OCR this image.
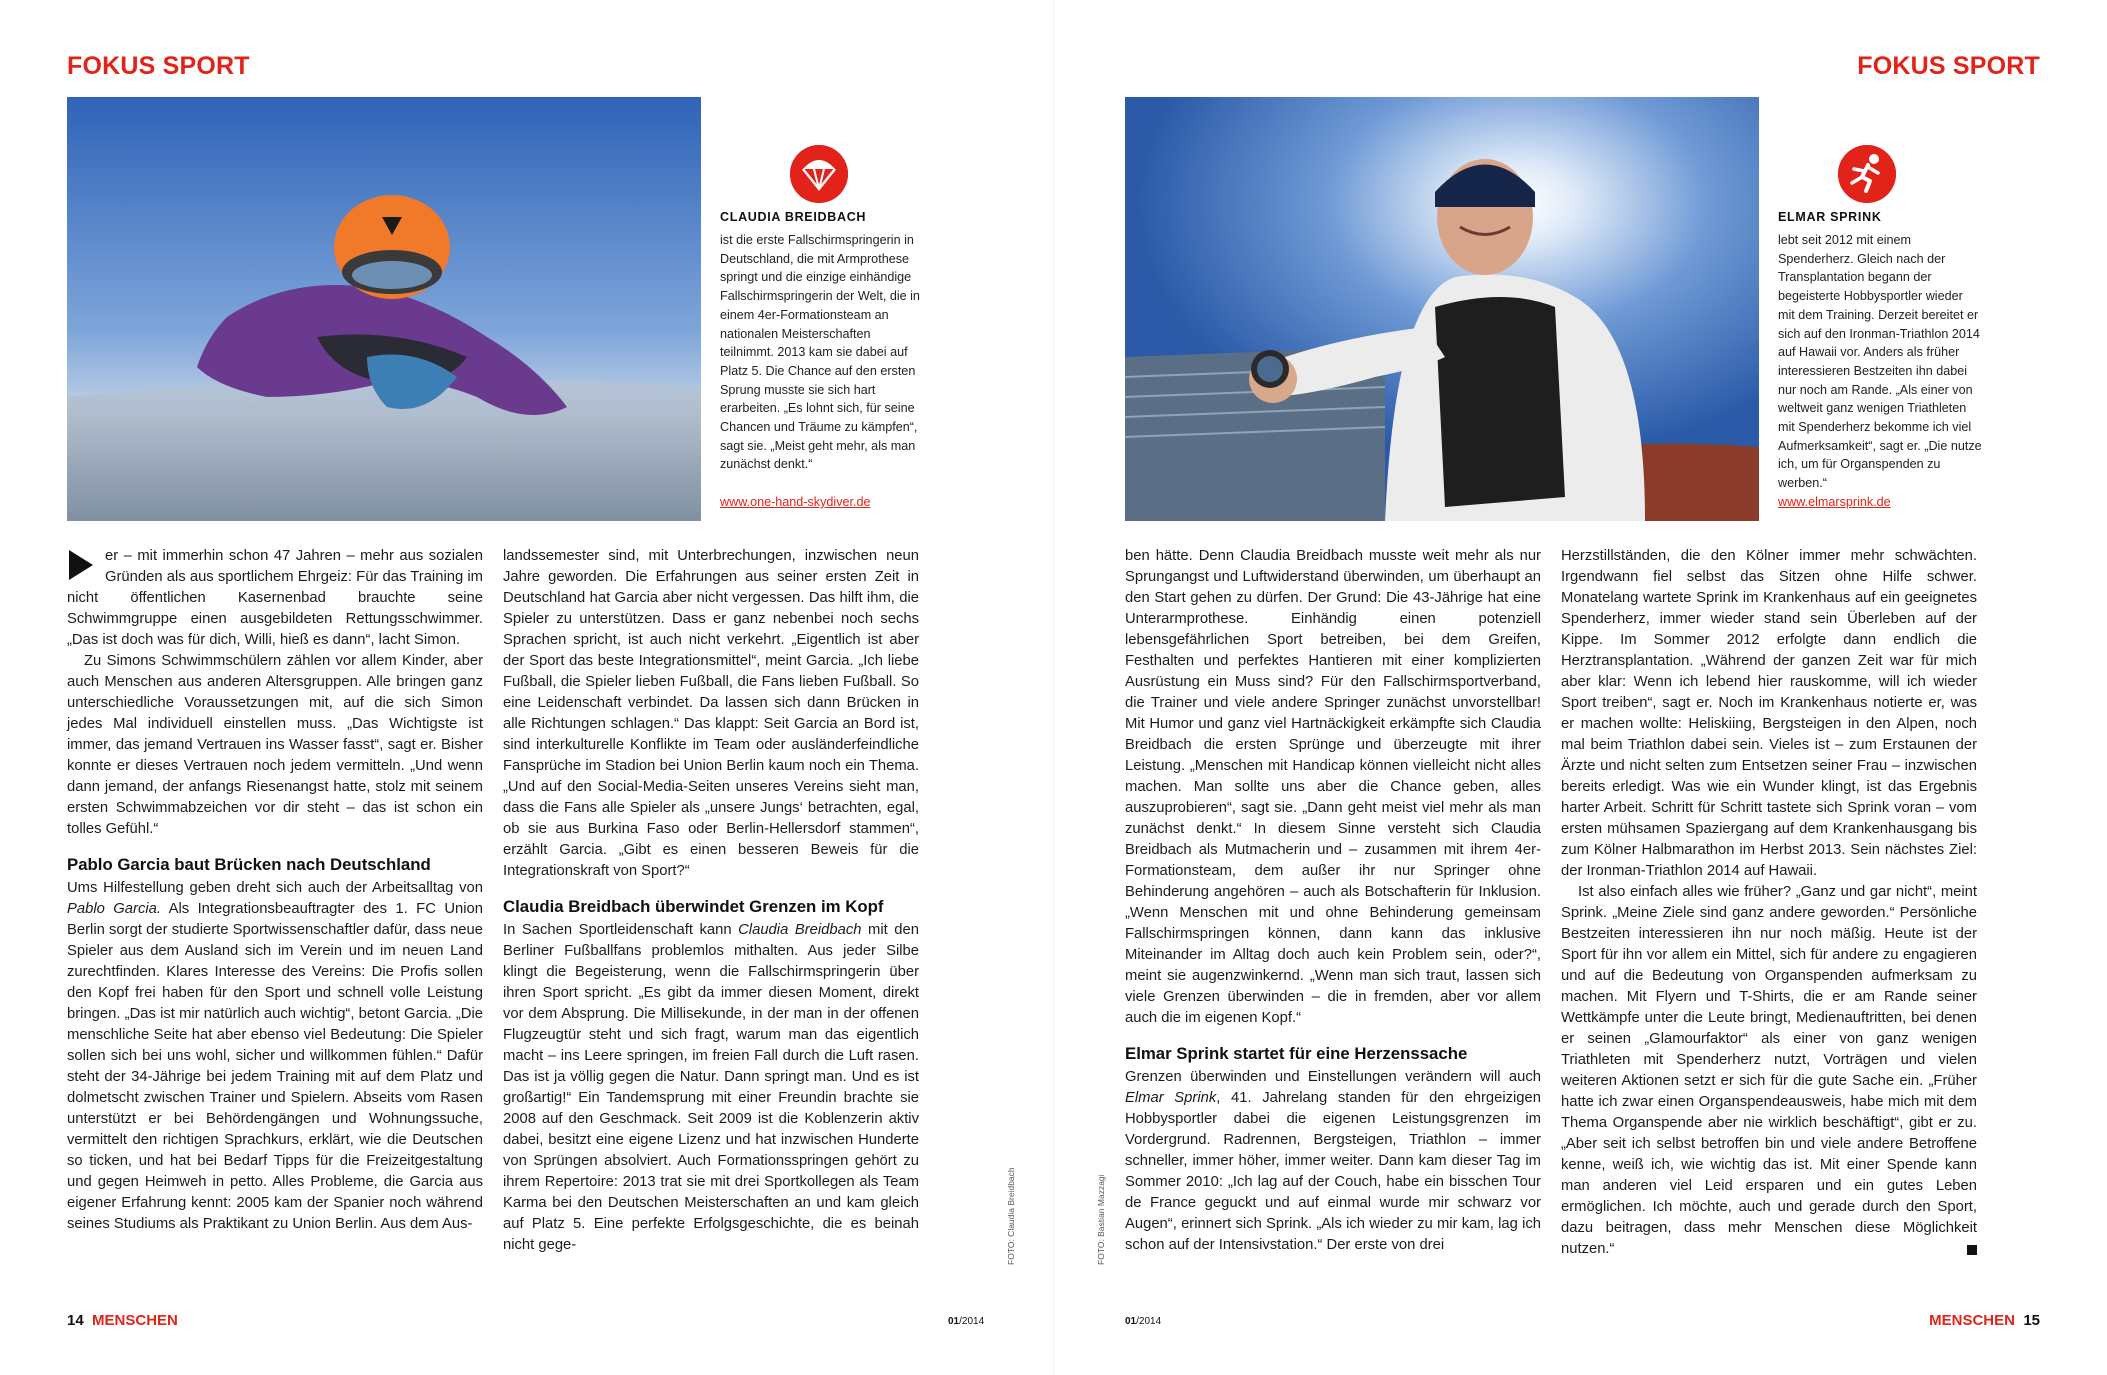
FOKUS SPORT
CLAUDIA BREIDBACH
ist die erste Fallschirmspringerin in Deutschland, die mit Armprothese springt und die einzige einhändige Fallschirmspringerin der Welt, die in einem 4er-Formationsteam an nationalen Meisterschaften teilnimmt. 2013 kam sie dabei auf Platz 5. Die Chance auf den ersten Sprung musste sie sich hart erarbeiten. „Es lohnt sich, für seine Chancen und Träume zu kämpfen“, sagt sie. „Meist geht mehr, als man zunächst denkt.“
www.one-hand-skydiver.de

er – mit immerhin schon 47 Jahren – mehr aus sozialen Gründen als aus sportlichem Ehrgeiz: Für das Training im nicht öffentlichen Kasernenbad brauchte seine Schwimmgruppe einen ausgebildeten Rettungsschwimmer. „Das ist doch was für dich, Willi, hieß es dann“, lacht Simon.

Zu Simons Schwimmschülern zählen vor allem Kinder, aber auch Menschen aus anderen Altersgruppen. Alle bringen ganz unterschiedliche Voraussetzungen mit, auf die sich Simon jedes Mal individuell einstellen muss. „Das Wichtigste ist immer, das jemand Vertrauen ins Wasser fasst“, sagt er. Bisher konnte er dieses Vertrauen noch jedem vermitteln. „Und wenn dann jemand, der anfangs Riesenangst hatte, stolz mit seinem ersten Schwimmabzeichen vor dir steht – das ist schon ein tolles Gefühl.“

Pablo Garcia baut Brücken nach Deutschland

Ums Hilfestellung geben dreht sich auch der Arbeitsalltag von Pablo Garcia. Als Integrationsbeauftragter des 1. FC Union Berlin sorgt der studierte Sportwissenschaftler dafür, dass neue Spieler aus dem Ausland sich im Verein und im neuen Land zurechtfinden. Klares Interesse des Vereins: Die Profis sollen den Kopf frei haben für den Sport und schnell volle Leistung bringen. „Das ist mir natürlich auch wichtig“, betont Garcia. „Die menschliche Seite hat aber ebenso viel Bedeutung: Die Spieler sollen sich bei uns wohl, sicher und willkommen fühlen.“ Dafür steht der 34-Jährige bei jedem Training mit auf dem Platz und dolmetscht zwischen Trainer und Spielern. Abseits vom Rasen unterstützt er bei Behördengängen und Wohnungssuche, vermittelt den richtigen Sprachkurs, erklärt, wie die Deutschen so ticken, und hat bei Bedarf Tipps für die Freizeitgestaltung und gegen Heimweh in petto. Alles Probleme, die Garcia aus eigener Erfahrung kennt: 2005 kam der Spanier noch während seines Studiums als Praktikant zu Union Berlin. Aus dem Aus-

landssemester sind, mit Unterbrechungen, inzwischen neun Jahre geworden. Die Erfahrungen aus seiner ersten Zeit in Deutschland hat Garcia aber nicht vergessen. Das hilft ihm, die Spieler zu unterstützen. Dass er ganz nebenbei noch sechs Sprachen spricht, ist auch nicht verkehrt. „Eigentlich ist aber der Sport das beste Integrationsmittel“, meint Garcia. „Ich liebe Fußball, die Spieler lieben Fußball, die Fans lieben Fußball. So eine Leidenschaft verbindet. Da lassen sich dann Brücken in alle Richtungen schlagen.“ Das klappt: Seit Garcia an Bord ist, sind interkulturelle Konflikte im Team oder ausländerfeindliche Fansprüche im Stadion bei Union Berlin kaum noch ein Thema. „Und auf den Social-Media-Seiten unseres Vereins sieht man, dass die Fans alle Spieler als „unsere Jungs‘ betrachten, egal, ob sie aus Burkina Faso oder Berlin-Hellersdorf stammen“, erzählt Garcia. „Gibt es einen besseren Beweis für die Integrationskraft von Sport?“

Claudia Breidbach überwindet Grenzen im Kopf

In Sachen Sportleidenschaft kann Claudia Breidbach mit den Berliner Fußballfans problemlos mithalten. Aus jeder Silbe klingt die Begeisterung, wenn die Fallschirmspringerin über ihren Sport spricht. „Es gibt da immer diesen Moment, direkt vor dem Absprung. Die Millisekunde, in der man in der offenen Flugzeugtür steht und sich fragt, warum man das eigentlich macht – ins Leere springen, im freien Fall durch die Luft rasen. Das ist ja völlig gegen die Natur. Dann springt man. Und es ist großartig!“ Ein Tandemsprung mit einer Freundin brachte sie 2008 auf den Geschmack. Seit 2009 ist die Koblenzerin aktiv dabei, besitzt eine eigene Lizenz und hat inzwischen Hunderte von Sprüngen absolviert. Auch Formationsspringen gehört zu ihrem Repertoire: 2013 trat sie mit drei Sportkollegen als Team Karma bei den Deutschen Meisterschaften an und kam gleich auf Platz 5. Eine perfekte Erfolgsgeschichte, die es beinah nicht gege-	FOTO: Claudia Breidbach
14 MENSCHEN	01/2014
FOKUS SPORT
ELMAR SPRINK
lebt seit 2012 mit einem Spenderherz. Gleich nach der Transplantation begann der begeisterte Hobbysportler wieder mit dem Training. Derzeit bereitet er sich auf den Ironman-Triathlon 2014 auf Hawaii vor. Anders als früher interessieren Bestzeiten ihn dabei nur noch am Rande. „Als einer von weltweit ganz wenigen Triathleten mit Spenderherz bekomme ich viel Aufmerksamkeit“, sagt er. „Die nutze ich, um für Organspenden zu werben.“
www.elmarsprink.de

ben hätte. Denn Claudia Breidbach musste weit mehr als nur Sprungangst und Luftwiderstand überwinden, um überhaupt an den Start gehen zu dürfen. Der Grund: Die 43-Jährige hat eine Unterarmprothese. Einhändig einen potenziell lebensgefährlichen Sport betreiben, bei dem Greifen, Festhalten und perfektes Hantieren mit einer komplizierten Ausrüstung ein Muss sind? Für den Fallschirmsportverband, die Trainer und viele andere Springer zunächst unvorstellbar! Mit Humor und ganz viel Hartnäckigkeit erkämpfte sich Claudia Breidbach die ersten Sprünge und überzeugte mit ihrer Leistung. „Menschen mit Handicap können vielleicht nicht alles machen. Man sollte uns aber die Chance geben, alles auszuprobieren“, sagt sie. „Dann geht meist viel mehr als man zunächst denkt.“ In diesem Sinne versteht sich Claudia Breidbach als Mutmacherin und – zusammen mit ihrem 4er-Formationsteam, dem außer ihr nur Springer ohne Behinderung angehören – auch als Botschafterin für Inklusion. „Wenn Menschen mit und ohne Behinderung gemeinsam Fallschirmspringen können, dann kann das inklusive Miteinander im Alltag doch auch kein Problem sein, oder?“, meint sie augenzwinkernd. „Wenn man sich traut, lassen sich viele Grenzen überwinden – die in fremden, aber vor allem auch die im eigenen Kopf.“

Elmar Sprink startet für eine Herzenssache

Grenzen überwinden und Einstellungen verändern will auch Elmar Sprink, 41. Jahrelang standen für den ehrgeizigen Hobbysportler dabei die eigenen Leistungsgrenzen im Vordergrund. Radrennen, Bergsteigen, Triathlon – immer schneller, immer höher, immer weiter. Dann kam dieser Tag im Sommer 2010: „Ich lag auf der Couch, habe ein bisschen Tour de France geguckt und auf einmal wurde mir schwarz vor Augen“, erinnert sich Sprink. „Als ich wieder zu mir kam, lag ich schon auf der Intensivstation.“ Der erste von drei

Herzstillständen, die den Kölner immer mehr schwächten. Irgendwann fiel selbst das Sitzen ohne Hilfe schwer. Monatelang wartete Sprink im Krankenhaus auf ein geeignetes Spenderherz, immer wieder stand sein Überleben auf der Kippe. Im Sommer 2012 erfolgte dann endlich die Herztransplantation. „Während der ganzen Zeit war für mich aber klar: Wenn ich lebend hier rauskomme, will ich wieder Sport treiben“, sagt er. Noch im Krankenhaus notierte er, was er machen wollte: Heliskiing, Bergsteigen in den Alpen, noch mal beim Triathlon dabei sein. Vieles ist – zum Erstaunen der Ärzte und nicht selten zum Entsetzen seiner Frau – inzwischen bereits erledigt. Was wie ein Wunder klingt, ist das Ergebnis harter Arbeit. Schritt für Schritt tastete sich Sprink voran – vom ersten mühsamen Spaziergang auf dem Krankenhausgang bis zum Kölner Halbmarathon im Herbst 2013. Sein nächstes Ziel: der Ironman-Triathlon 2014 auf Hawaii.

Ist also einfach alles wie früher? „Ganz und gar nicht“, meint Sprink. „Meine Ziele sind ganz andere geworden.“ Persönliche Bestzeiten interessieren ihn nur noch mäßig. Heute ist der Sport für ihn vor allem ein Mittel, sich für andere zu engagieren und auf die Bedeutung von Organspenden aufmerksam zu machen. Mit Flyern und T-Shirts, die er am Rande seiner Wettkämpfe unter die Leute bringt, Medienauftritten, bei denen er seinen „Glamourfaktor“ als einer von ganz wenigen Triathleten mit Spenderherz nutzt, Vorträgen und vielen weiteren Aktionen setzt er sich für die gute Sache ein. „Früher hatte ich zwar einen Organspendeausweis, habe mich mit dem Thema Organspende aber nie wirklich beschäftigt“, gibt er zu. „Aber seit ich selbst betroffen bin und viele andere Betroffene kenne, weiß ich, wie wichtig das ist. Mit einer Spende kann man anderen viel Leid ersparen und ein gutes Leben ermöglichen. Ich möchte, auch und gerade durch den Sport, dazu beitragen, dass mehr Menschen diese Möglichkeit nutzen.“

FOTO: Bastian Mazzagi
01/2014	MENSCHEN 15
